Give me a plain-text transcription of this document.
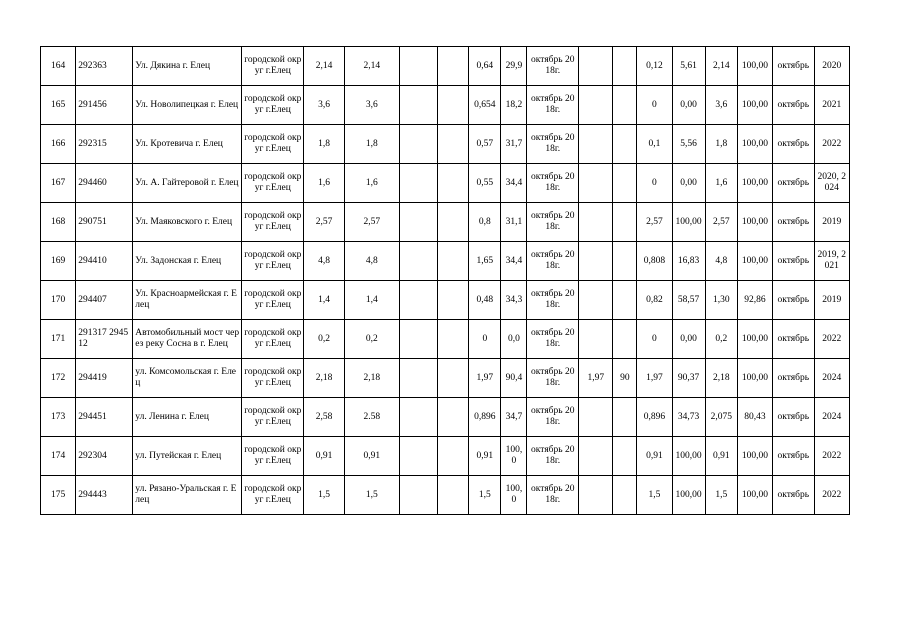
164	292363	Ул. Дякина г. Елец	городской округ г.Елец	2,14	2,14			0,64	29,9	октябрь 2018г.			0,12	5,61	2,14	100,00	октябрь	2020
165	291456	Ул. Новолипецкая г. Елец	городской округ г.Елец	3,6	3,6			0,654	18,2	октябрь 2018г.			0	0,00	3,6	100,00	октябрь	2021
166	292315	Ул. Кротевича г. Елец	городской округ г.Елец	1,8	1,8			0,57	31,7	октябрь 2018г.			0,1	5,56	1,8	100,00	октябрь	2022
167	294460	Ул. А. Гайтеровой г. Елец	городской округ г.Елец	1,6	1,6			0,55	34,4	октябрь 2018г.			0	0,00	1,6	100,00	октябрь	2020, 2024
168	290751	Ул. Маяковского г. Елец	городской округ г.Елец	2,57	2,57			0,8	31,1	октябрь 2018г.			2,57	100,00	2,57	100,00	октябрь	2019
169	294410	Ул. Задонская г. Елец	городской округ г.Елец	4,8	4,8			1,65	34,4	октябрь 2018г.			0,808	16,83	4,8	100,00	октябрь	2019, 2021
170	294407	Ул. Красноармейская г. Елец	городской округ г.Елец	1,4	1,4			0,48	34,3	октябрь 2018г.			0,82	58,57	1,30	92,86	октябрь	2019
171	291317 294512	Автомобильный мост через реку Сосна в г. Елец	городской округ г.Елец	0,2	0,2			0	0,0	октябрь 2018г.			0	0,00	0,2	100,00	октябрь	2022
172	294419	ул. Комсомольская г. Елец	городской округ г.Елец	2,18	2,18			1,97	90,4	октябрь 2018г.	1,97	90	1,97	90,37	2,18	100,00	октябрь	2024
173	294451	ул. Ленина г. Елец	городской округ г.Елец	2,58	2.58			0,896	34,7	октябрь 2018г.			0,896	34,73	2,075	80,43	октябрь	2024
174	292304	ул. Путейская г. Елец	городской округ г.Елец	0,91	0,91			0,91	100,0	октябрь 2018г.			0,91	100,00	0,91	100,00	октябрь	2022
175	294443	ул. Рязано-Уральская г. Елец	городской округ г.Елец	1,5	1,5			1,5	100,0	октябрь 2018г.			1,5	100,00	1,5	100,00	октябрь	2022
